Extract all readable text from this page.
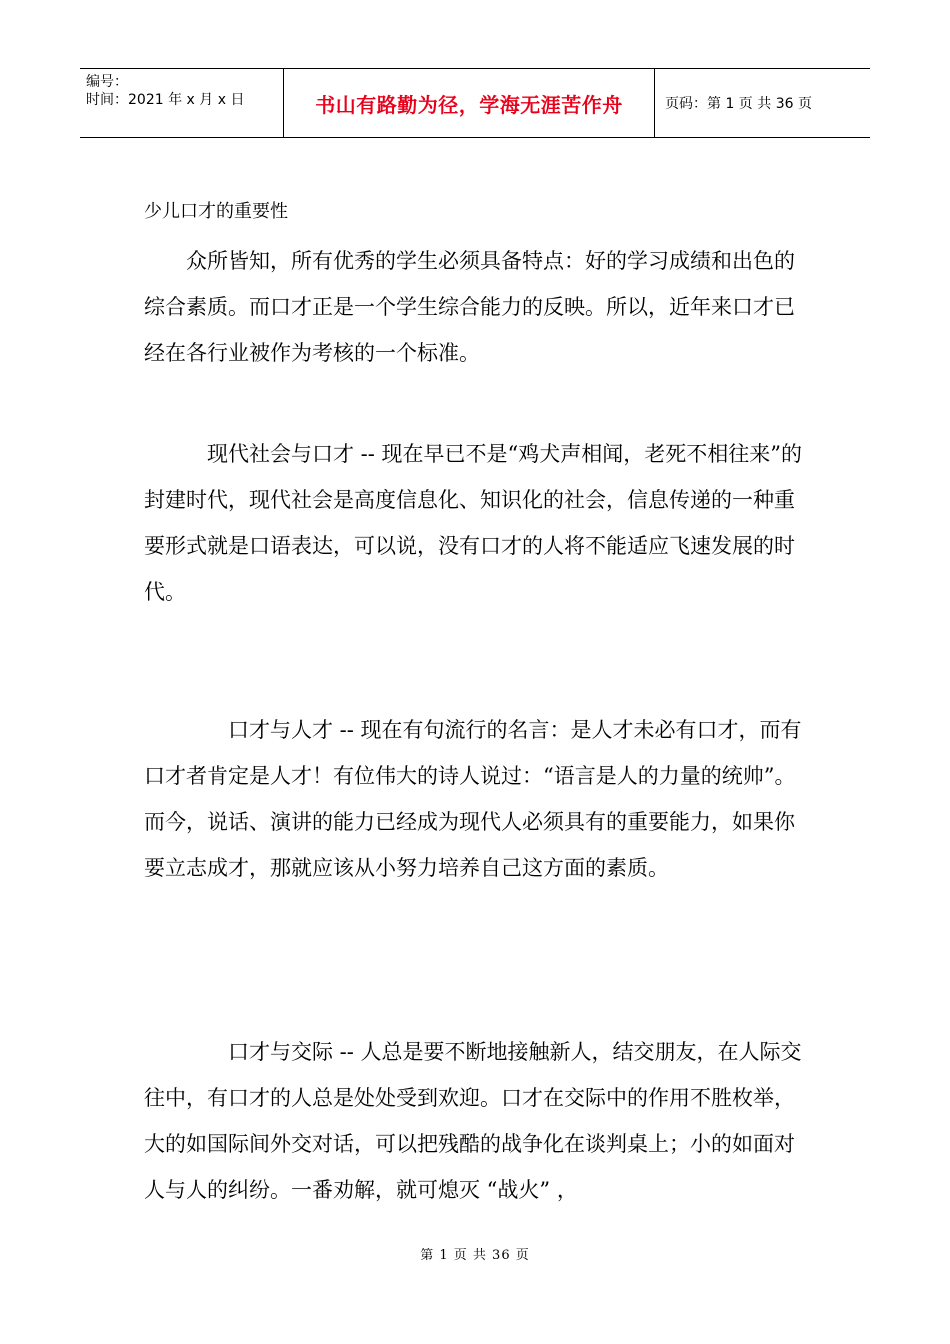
编号：
时间：2021 年 x 月 x 日	书山有路勤为径，学海无涯苦作舟	页码：第 1 页 共 36 页
少儿口才的重要性

众所皆知，所有优秀的学生必须具备特点：好的学习成绩和出色的综合素质。而口才正是一个学生综合能力的反映。所以，近年来口才已经在各行业被作为考核的一个标准。

现代社会与口才 -- 现在早已不是“鸡犬声相闻，老死不相往来”的封建时代，现代社会是高度信息化、知识化的社会，信息传递的一种重要形式就是口语表达，可以说，没有口才的人将不能适应飞速发展的时代。

口才与人才 -- 现在有句流行的名言：是人才未必有口才，而有口才者肯定是人才！有位伟大的诗人说过：“语言是人的力量的统帅”。而今，说话、演讲的能力已经成为现代人必须具有的重要能力，如果你要立志成才，那就应该从小努力培养自己这方面的素质。

口才与交际 -- 人总是要不断地接触新人，结交朋友，在人际交往中，有口才的人总是处处受到欢迎。口才在交际中的作用不胜枚举，大的如国际间外交对话，可以把残酷的战争化在谈判桌上；小的如面对人与人的纠纷。一番劝解，就可熄灭 “战火” ，

第 1 页 共 36 页
